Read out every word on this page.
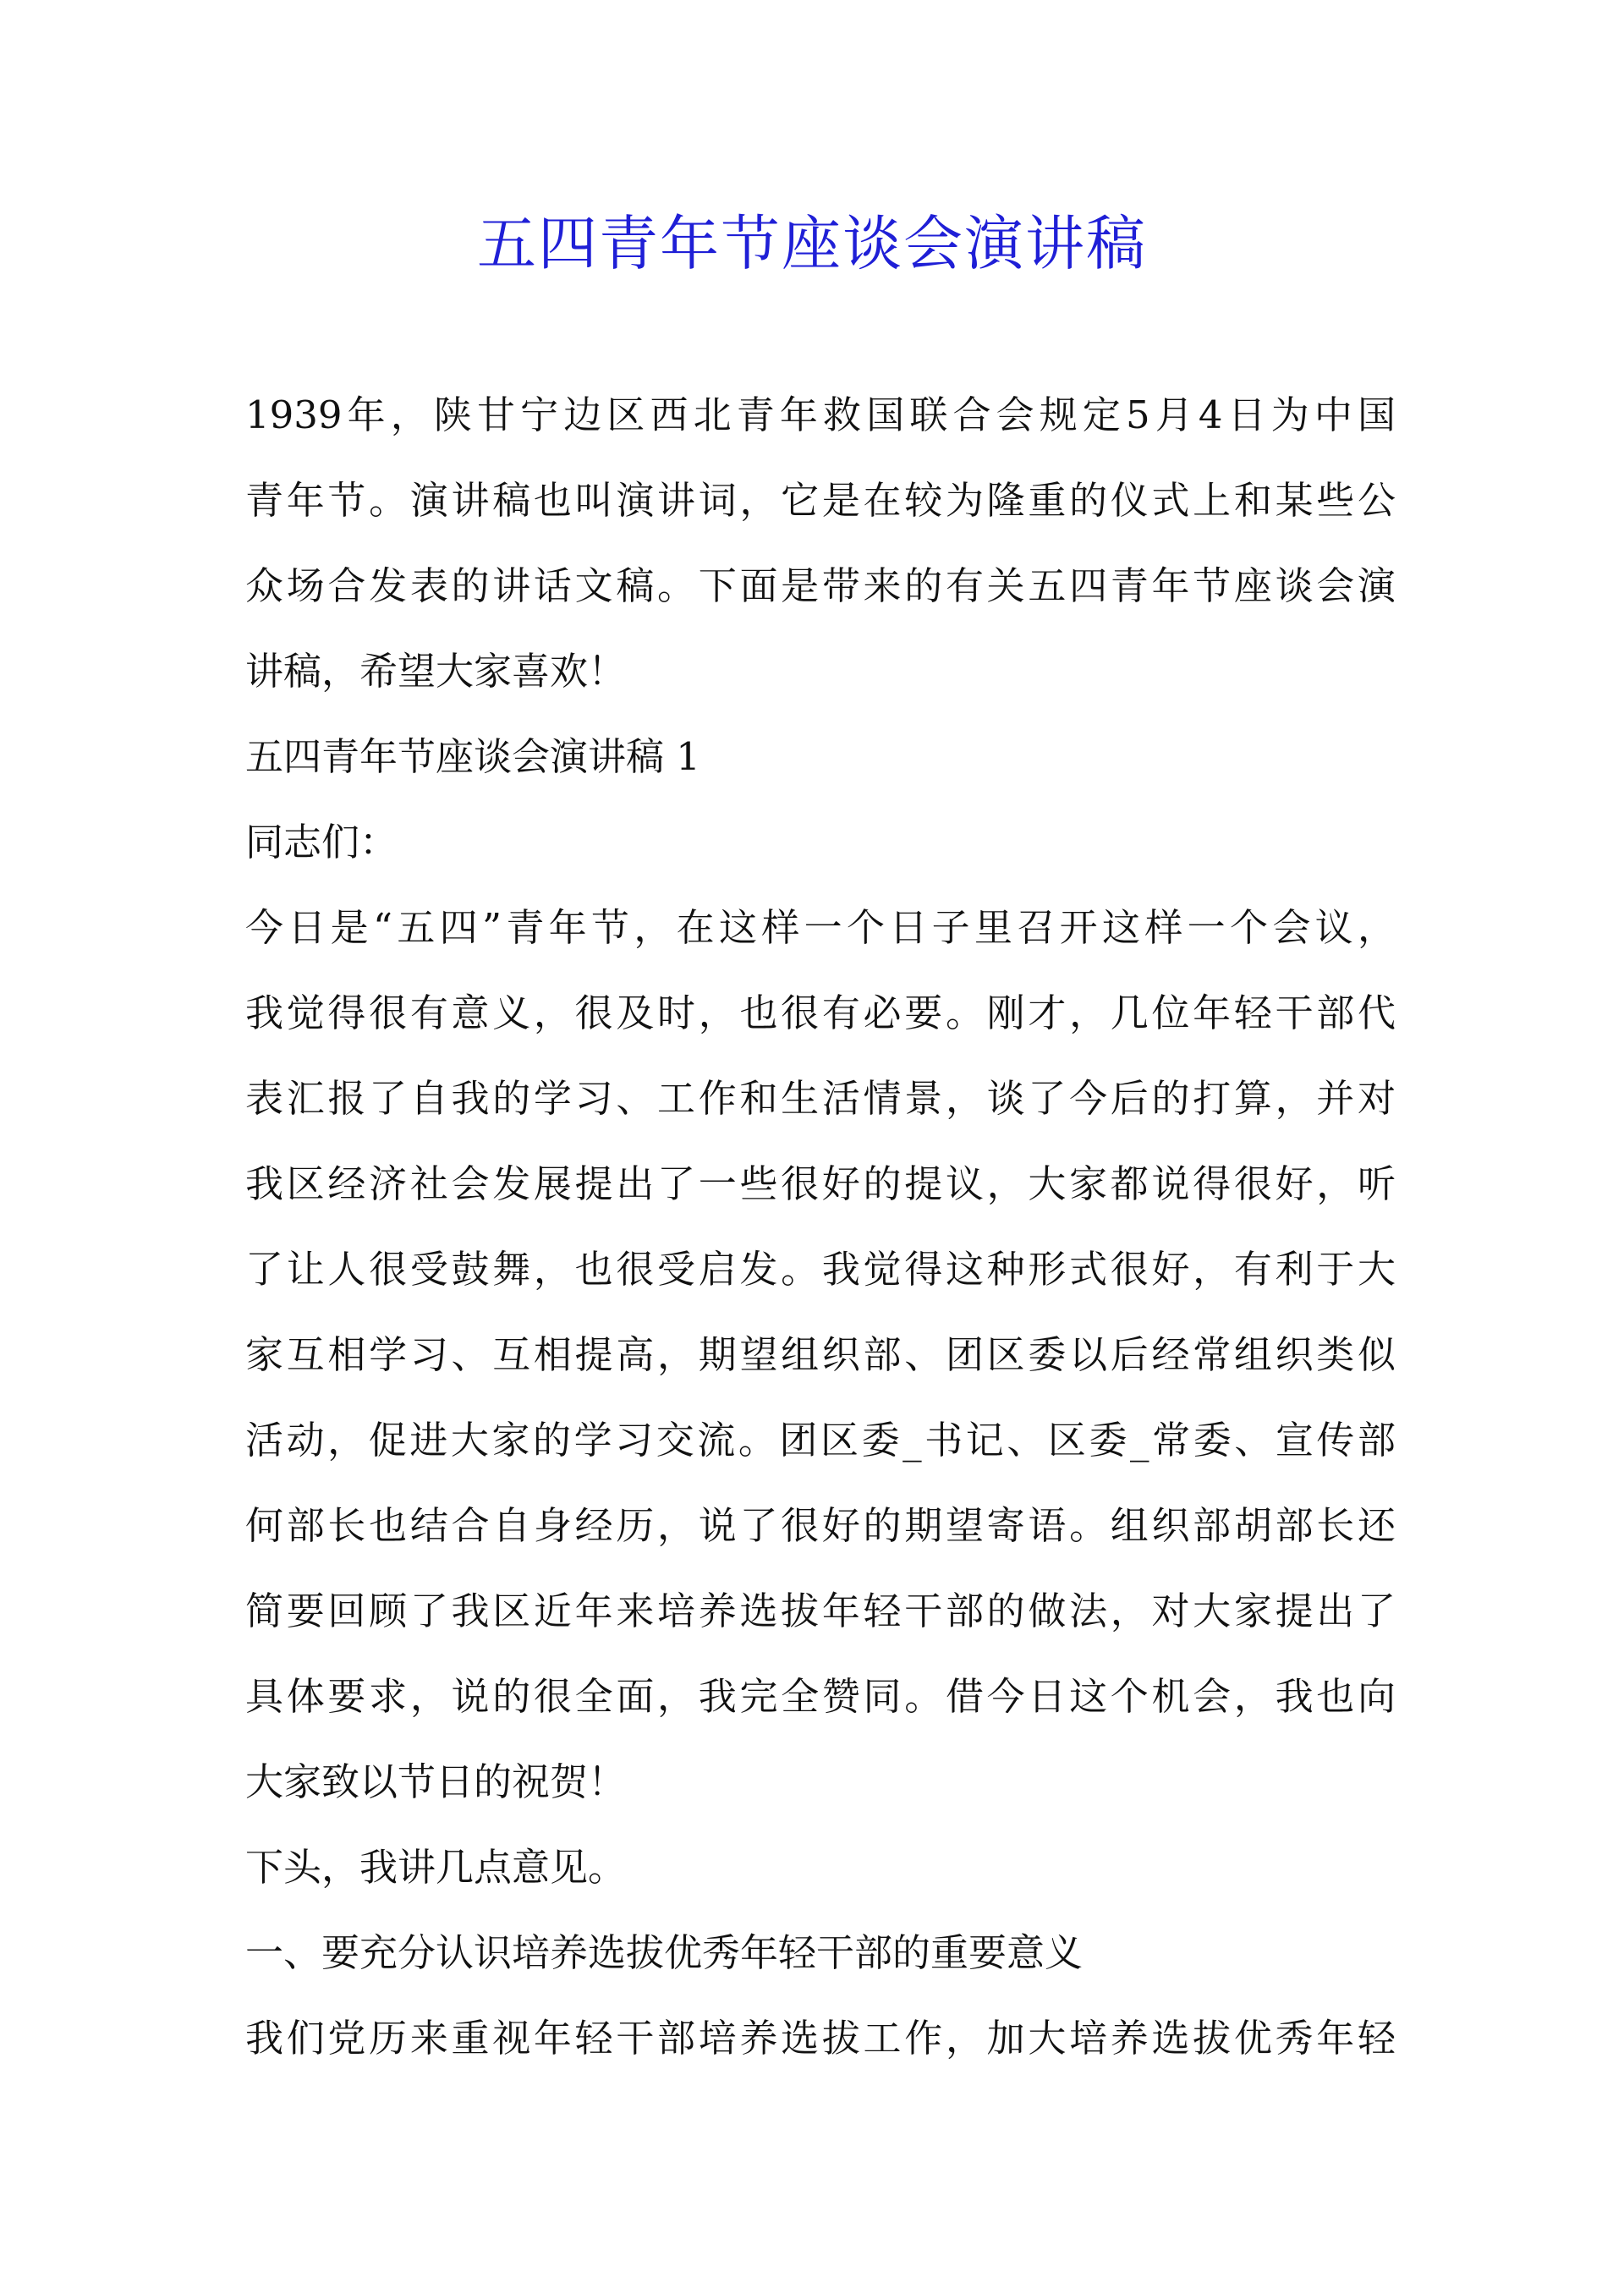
五四青年节座谈会演讲稿
1939年，陕甘宁边区西北青年救国联合会规定5月4日为中国
青年节。演讲稿也叫演讲词，它是在较为隆重的仪式上和某些公
众场合发表的讲话文稿。下面是带来的有关五四青年节座谈会演
讲稿，希望大家喜欢！
五四青年节座谈会演讲稿 1
同志们：
今日是“五四”青年节，在这样一个日子里召开这样一个会议，
我觉得很有意义，很及时，也很有必要。刚才，几位年轻干部代
表汇报了自我的学习、工作和生活情景，谈了今后的打算，并对
我区经济社会发展提出了一些很好的提议，大家都说得很好，听
了让人很受鼓舞，也很受启发。我觉得这种形式很好，有利于大
家互相学习、互相提高，期望组织部、团区委以后经常组织类似
活动，促进大家的学习交流。团区委_书记、区委_常委、宣传部
何部长也结合自身经历，说了很好的期望寄语。组织部胡部长还
简要回顾了我区近年来培养选拔年轻干部的做法，对大家提出了
具体要求，说的很全面，我完全赞同。借今日这个机会，我也向
大家致以节日的祝贺！
下头，我讲几点意见。
一、要充分认识培养选拔优秀年轻干部的重要意义
我们党历来重视年轻干部培养选拔工作，加大培养选拔优秀年轻
